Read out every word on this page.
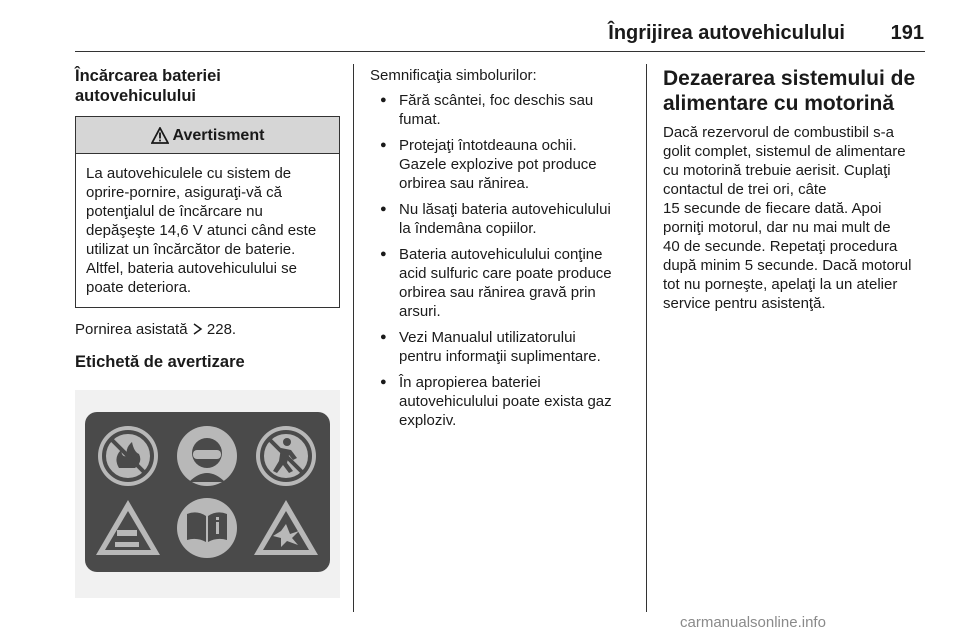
Îngrijirea autovehiculului	191
Încărcarea bateriei
autovehiculului
Avertisment
La autovehiculele cu sistem de
oprire-pornire, asiguraţi-vă că
potenţialul de încărcare nu
depăşeşte 14,6 V atunci când este
utilizat un încărcător de baterie.
Altfel, bateria autovehiculului se
poate deteriora.

Pornirea asistată 228.

Etichetă de avertizare
Semnificaţia simbolurilor:
● Fără scântei, foc deschis sau
fumat.
● Protejaţi întotdeauna ochii.
Gazele explozive pot produce
orbirea sau rănirea.
● Nu lăsaţi bateria autovehiculului
la îndemâna copiilor.
● Bateria autovehiculului conţine
acid sulfuric care poate produce
orbirea sau rănirea gravă prin
arsuri.
● Vezi Manualul utilizatorului
pentru informaţii suplimentare.
● În apropierea bateriei
autovehiculului poate exista gaz
exploziv.
Dezaerarea sistemului de
alimentare cu motorină

Dacă rezervorul de combustibil s-a
golit complet, sistemul de alimentare
cu motorină trebuie aerisit. Cuplaţi
contactul de trei ori, câte
15 secunde de fiecare dată. Apoi
porniţi motorul, dar nu mai mult de
40 de secunde. Repetaţi procedura
după minim 5 secunde. Dacă motorul
tot nu porneşte, apelaţi la un atelier
service pentru asistenţă.

carmanualsonline.info
